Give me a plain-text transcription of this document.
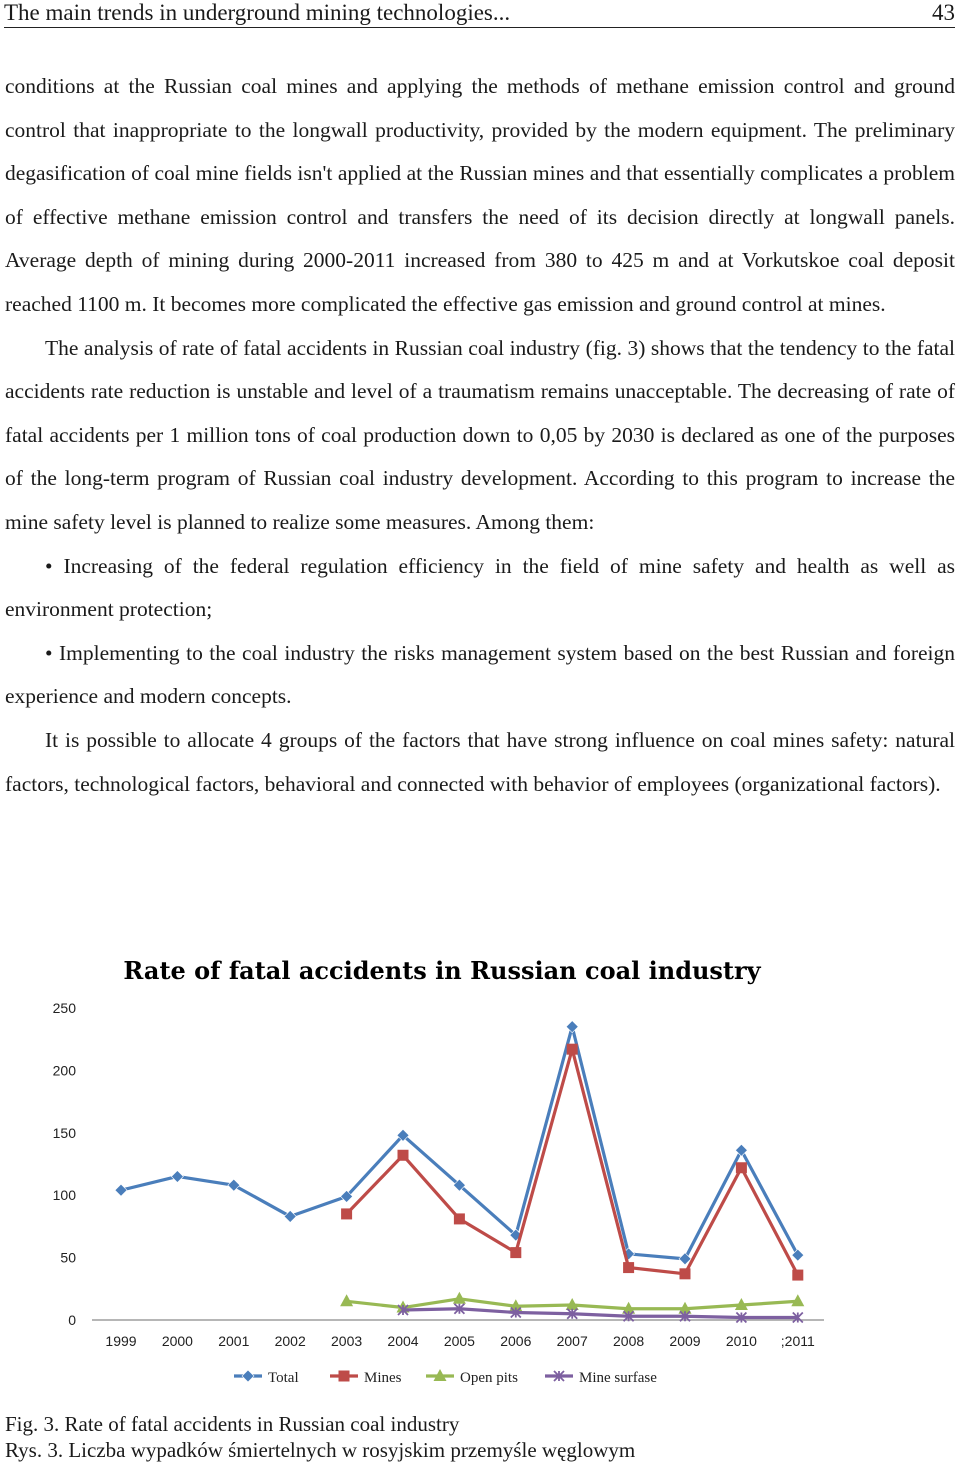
The main trends in underground mining technologies...	43

conditions at the Russian coal mines and applying the methods of methane emission control and ground control that inappropriate to the longwall productivity, provided by the modern equipment. The preliminary degasification of coal mine fields isn't applied at the Russian mines and that essentially complicates a problem of effective methane emission control and transfers the need of its decision directly at longwall panels. Average depth of mining during 2000-2011 increased from 380 to 425 m and at Vorkutskoe coal deposit reached 1100 m. It becomes more complicated the effective gas emission and ground control at mines.

The analysis of rate of fatal accidents in Russian coal industry (fig. 3) shows that the tendency to the fatal accidents rate reduction is unstable and level of a traumatism remains unacceptable. The decreasing of rate of fatal accidents per 1 million tons of coal production down to 0,05 by 2030 is declared as one of the purposes of the long-term program of Russian coal industry development. According to this program to increase the mine safety level is planned to realize some measures. Among them:

• Increasing of the federal regulation efficiency in the field of mine safety and health as well as environment protection;

• Implementing to the coal industry the risks management system based on the best Russian and foreign experience and modern concepts.

It is possible to allocate 4 groups of the factors that have strong influence on coal mines safety: natural factors, technological factors, behavioral and connected with behavior of employees (organizational factors).

Rate of fatal accidents in Russian coal industry
0
50
100
150
200
250
1999 2000 2001 2002 2003 2004 2005 2006 2007 2008 2009 2010 ;2011
Total	Mines	Open pits	Mine surfase
Fig. 3. Rate of fatal accidents in Russian coal industry
Rys. 3. Liczba wypadków śmiertelnych w rosyjskim przemyśle węglowym
